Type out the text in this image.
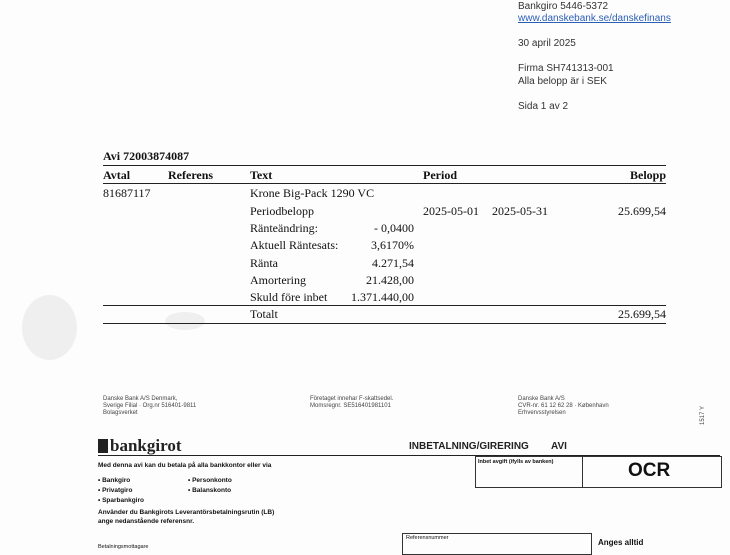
Bankgiro 5446-5372
www.danskebank.se/danskefinans
30 april 2025
Firma SH741313-001
Alla belopp är i SEK
Sida 1 av 2
Avi 72003874087
Avtal	Referens	Text	Period	Belopp
81687117	Krone Big-Pack 1290 VC
Periodbelopp	2025-05-01 2025-05-31	25.699,54
Ränteändring:	- 0,0400
Aktuell Räntesats:	3,6170%
Ränta	4.271,54
Amortering	21.428,00
Skuld före inbet 1.371.440,00
Totalt	25.699,54
Danske Bank A/S Denmark,
Sverige Filial · Org.nr 516401-9811
Bolagsverket
Företaget innehar F-skattsedel.
Momsregnr. SE516401981101
Danske Bank A/S
CVR-nr. 61 12 62 28 · København
Erhvervsstyrelsen	1517 Y
bankgirot	INBETALNING/GIRERING AVI
Med denna avi kan du betala på alla bankkontor eller via
• Bankgiro
• Privatgiro
• Sparbankgiro
• Personkonto
• Balanskonto
Använder du Bankgirots Leverantörsbetalningsrutin (LB)
ange nedanstående referensnr.
Inbet avgift (ifylls av banken)	OCR
Referensnummer	Anges alltid
Betalningsmottagare
